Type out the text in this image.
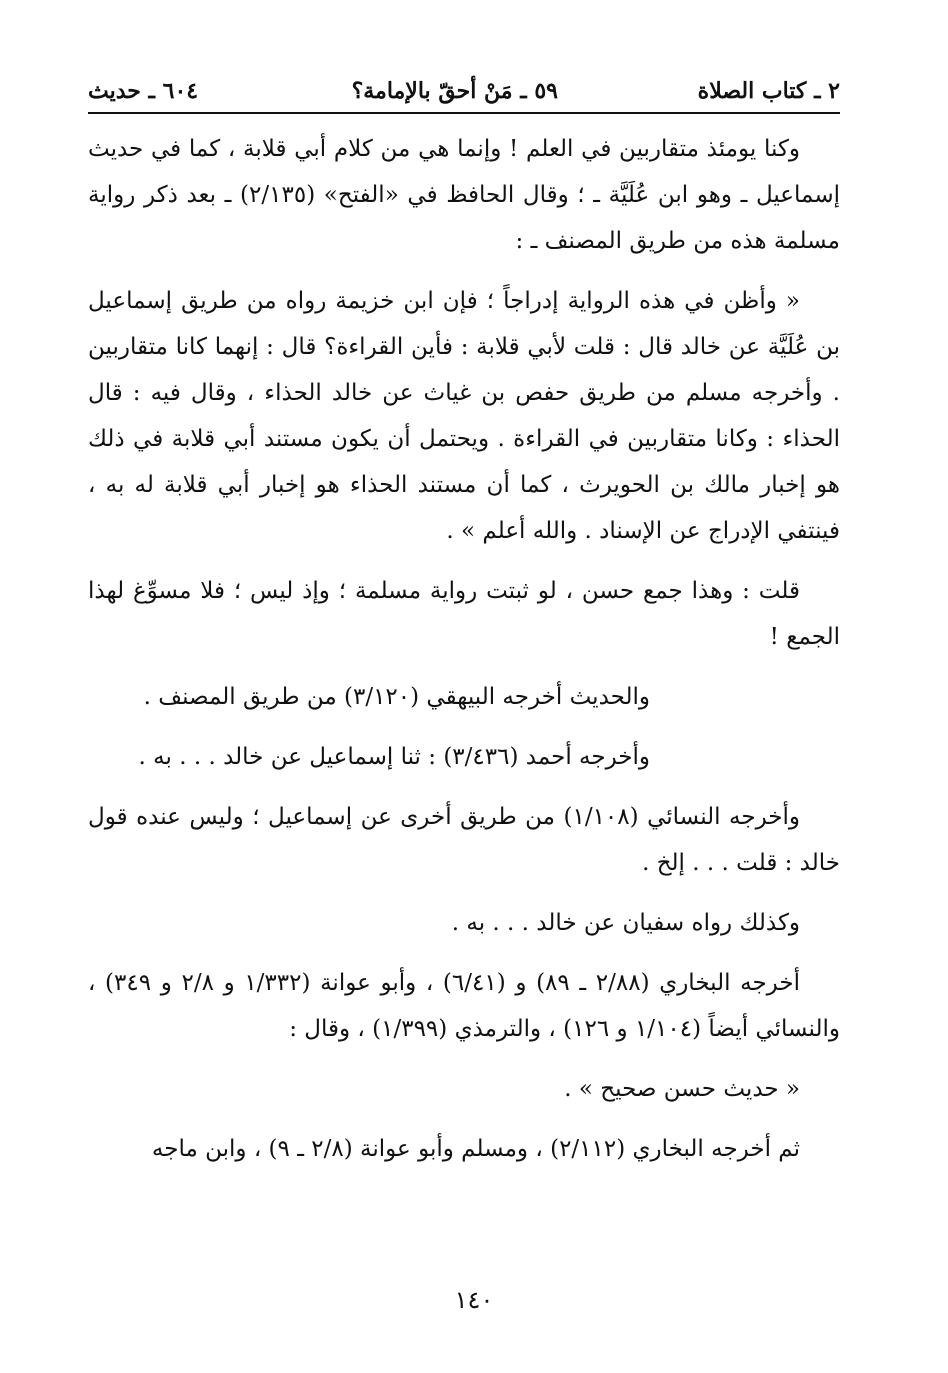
٢ ـ كتاب الصلاة
٥٩ ـ مَنْ أحقّ بالإمامة؟
٦٠٤ ـ حديث

وكنا يومئذ متقاربين في العلم ! وإنما هي من كلام أبي قلابة ، كما في حديث إسماعيل ـ وهو ابن عُلَيَّة ـ ؛ وقال الحافظ في «الفتح» (٢/١٣٥) ـ بعد ذكر رواية مسلمة هذه من طريق المصنف ـ :

« وأظن في هذه الرواية إدراجاً ؛ فإن ابن خزيمة رواه من طريق إسماعيل بن عُلَيَّة عن خالد قال : قلت لأبي قلابة : فأين القراءة؟ قال : إنهما كانا متقاربين . وأخرجه مسلم من طريق حفص بن غياث عن خالد الحذاء ، وقال فيه : قال الحذاء : وكانا متقاربين في القراءة . ويحتمل أن يكون مستند أبي قلابة في ذلك هو إخبار مالك بن الحويرث ، كما أن مستند الحذاء هو إخبار أبي قلابة له به ، فينتفي الإدراج عن الإسناد . والله أعلم » .

قلت : وهذا جمع حسن ، لو ثبتت رواية مسلمة ؛ وإذ ليس ؛ فلا مسوِّغ لهذا الجمع !

والحديث أخرجه البيهقي (٣/١٢٠) من طريق المصنف .

وأخرجه أحمد (٣/٤٣٦) : ثنا إسماعيل عن خالد . . . به .

وأخرجه النسائي (١/١٠٨) من طريق أخرى عن إسماعيل ؛ وليس عنده قول خالد : قلت . . . إلخ .

وكذلك رواه سفيان عن خالد . . . به .

أخرجه البخاري (٢/٨٨ ـ ٨٩) و (٦/٤١) ، وأبو عوانة (١/٣٣٢ و ٢/٨ و ٣٤٩) ، والنسائي أيضاً (١/١٠٤ و ١٢٦) ، والترمذي (١/٣٩٩) ، وقال :

« حديث حسن صحيح » .

ثم أخرجه البخاري (٢/١١٢) ، ومسلم وأبو عوانة (٢/٨ ـ ٩) ، وابن ماجه

١٤٠
